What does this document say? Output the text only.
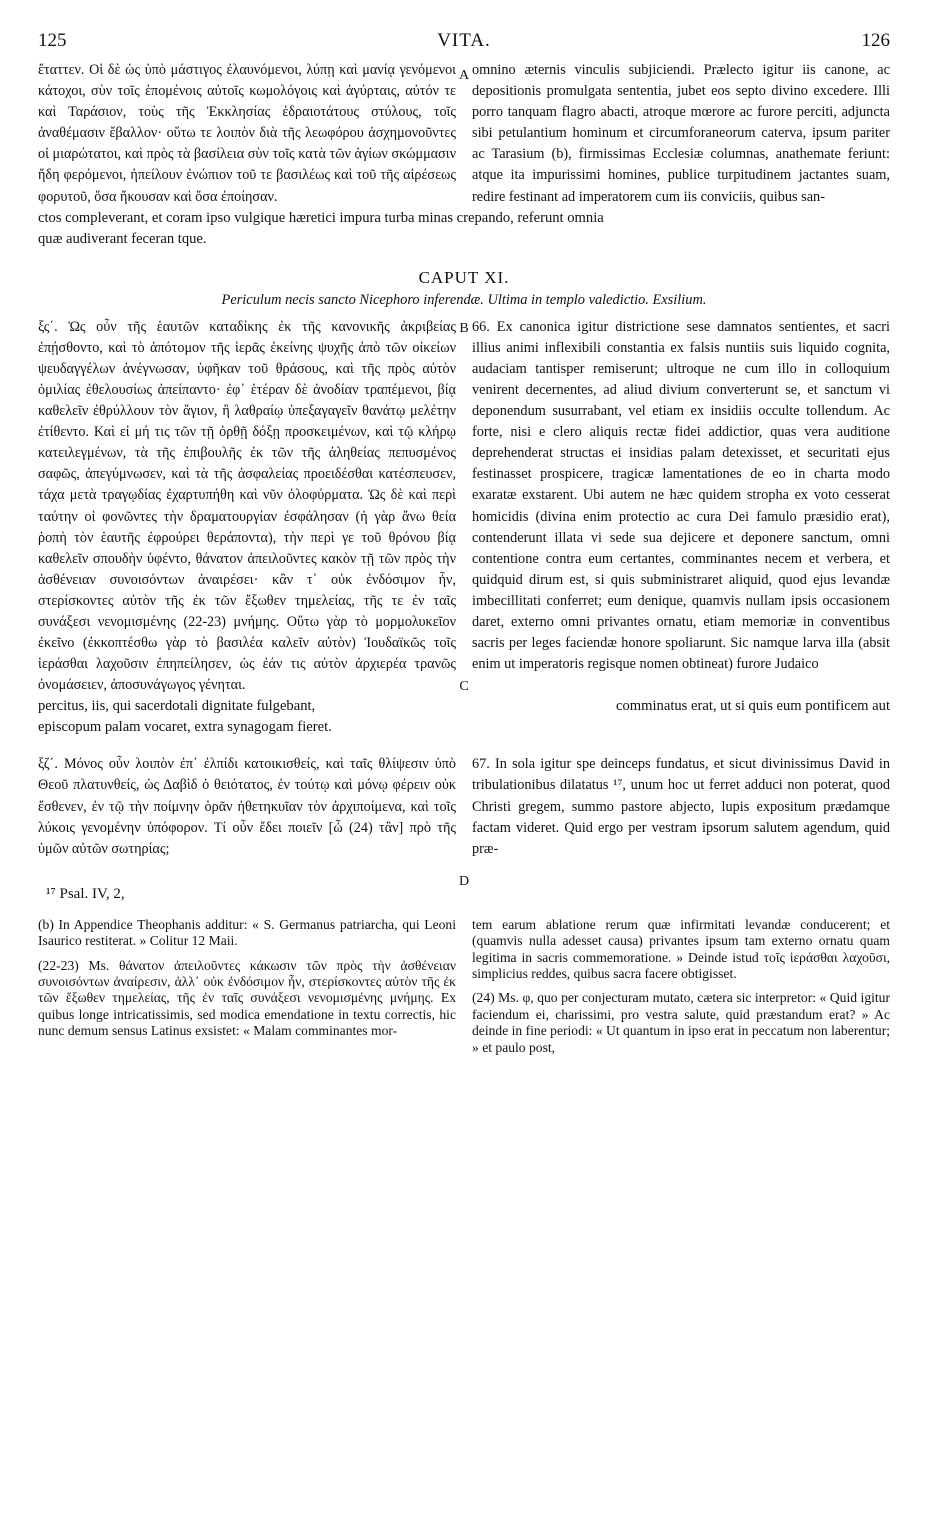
125	VITA.	126

ἔταττεν. Οἱ δὲ ὡς ὑπὸ μάστιγος ἐλαυνόμενοι, λύπῃ καὶ μανίᾳ γενόμενοι κάτοχοι, σὺν τοῖς ἑπομένοις αὐτοῖς κωμολόγοις καὶ ἀγύρταις, αὐτόν τε καὶ Ταράσιον, τοὺς τῆς Ἐκκλησίας ἑδραιοτάτους στύλους, τοῖς ἀναθέμασιν ἔβαλλον· οὕτω τε λοιπὸν διὰ τῆς λεωφόρου ἀσχημονοῦντες οἱ μιαρώτατοι, καὶ πρὸς τὰ βασίλεια σὺν τοῖς κατὰ τῶν ἁγίων σκώμμασιν ἤδη φερόμενοι, ἠπείλουν ἐνώπιον τοῦ τε βασιλέως καὶ τοῦ τῆς αἱρέσεως φορυτοῦ, ὅσα ἤκουσαν καὶ ὅσα ἐποίησαν.

A omnino æternis vinculis subjiciendi. Prælecto igitur iis canone, ac depositionis promulgata sententia, jubet eos septo divino excedere. Illi porro tanquam flagro abacti, atroque mœrore ac furore perciti, adjuncta sibi petulantium hominum et circumforaneorum caterva, ipsum pariter ac Tarasium (b), firmissimas Ecclesiæ columnas, anathemate feriunt: atque ita impurissimi homines, publice turpitudinem jactantes suam, redire festinant ad imperatorem cum iis conviciis, quibus san-

ctos compleverant, et coram ipso vulgique hæretici impura turba minas crepando, referunt omnia

quæ audiverant feceran tque.

CAPUT XI.
Periculum necis sancto Nicephoro inferendæ. Ultima in templo valedictio. Exsilium.

ξς΄. Ὡς οὖν τῆς ἑαυτῶν καταδίκης ἐκ τῆς κανονικῆς ἀκριβείας ἐπῄσθοντο, καὶ τὸ ἀπότομον τῆς ἱερᾶς ἐκείνης ψυχῆς ἀπὸ τῶν οἰκείων ψευδαγγέλων ἀνέγνωσαν, ὑφῆκαν τοῦ θράσους, καὶ τῆς πρὸς αὐτὸν ὁμιλίας ἐθελουσίως ἀπείπαντο· ἐφ᾽ ἑτέραν δὲ ἀνοδίαν τραπέμενοι, βίᾳ καθελεῖν ἐθρύλλουν τὸν ἅγιον, ἢ λαθραίῳ ὑπεξαγαγεῖν θανάτῳ μελέτην ἐτίθεντο. Καὶ εἰ μή τις τῶν τῇ ὀρθῇ δόξῃ προσκειμένων, καὶ τῷ κλήρῳ κατειλεγμένων, τὰ τῆς ἐπιβουλῆς ἐκ τῶν τῆς ἀληθείας πεπυσμένος σαφῶς, ἀπεγύμνωσεν, καὶ τὰ τῆς ἀσφαλείας προειδέσθαι κατέσπευσεν, τάχα μετὰ τραγῳδίας ἐχαρτυπήθη καὶ νῦν ὀλοφύρματα. Ὡς δὲ καὶ περὶ ταύτην οἱ φονῶντες τὴν δραματουργίαν ἐσφάλησαν (ἡ γὰρ ἄνω θεία ῥοπὴ τὸν ἑαυτῆς ἐφρούρει θεράποντα), τὴν περὶ γε τοῦ θρόνου βίᾳ καθελεῖν σπουδὴν ὑφέντο, θάνατον ἀπειλοῦντες κακὸν τῇ τῶν πρὸς τὴν ἀσθένειαν συνοισόντων ἀναιρέσει· κἂν τ᾽ οὐκ ἐνδόσιμον ἦν, στερίσκοντες αὐτὸν τῆς ἐκ τῶν ἔξωθεν τημελείας, τῆς τε ἐν ταῖς συνάξεσι νενομισμένης (22-23) μνήμης. Οὕτω γὰρ τὸ μορμολυκεῖον ἐκεῖνο (ἐκκοπτέσθω γὰρ τὸ βασιλέα καλεῖν αὐτὸν) Ἰουδαϊκῶς τοῖς ἱεράσθαι λαχοῦσιν ἐπηπείλησεν, ὡς ἐάν τις αὐτὸν ἀρχιερέα τρανῶς ὀνομάσειεν, ἀποσυνάγωγος γένηται.

B
C

66. Ex canonica igitur districtione sese damnatos sentientes, et sacri illius animi inflexibili constantia ex falsis nuntiis suis liquido cognita, audaciam tantisper remiserunt; ultroque ne cum illo in colloquium venirent decernentes, ad aliud divium converterunt se, et sanctum vi deponendum susurrabant, vel etiam ex insidiis occulte tollendum. Ac forte, nisi e clero aliquis rectæ fidei addictior, quas vera auditione deprehenderat structas ei insidias palam detexisset, et securitati ejus festinasset prospicere, tragicæ lamentationes de eo in charta modo exaratæ exstarent. Ubi autem ne hæc quidem stropha ex voto cesserat homicidis (divina enim protectio ac cura Dei famulo præsidio erat), contenderunt illata vi sede sua dejicere et deponere sanctum, omni contentione contra eum certantes, comminantes necem et verbera, et quidquid dirum est, si quis subministraret aliquid, quod ejus levandæ imbecillitati conferret; eum denique, quamvis nullam ipsis occasionem daret, externo omni privantes ornatu, etiam memoriæ in conventibus sacris per leges faciendæ honore spoliarunt. Sic namque larva illa (absit enim ut imperatoris regisque nomen obtineat) furore Judaico

percitus, iis, qui sacerdotali dignitate fulgebant,	comminatus erat, ut si quis eum pontificem aut

episcopum palam vocaret, extra synagogam fieret.

ξζ΄. Μόνος οὖν λοιπὸν ἐπ᾽ ἐλπίδι κατοικισθείς, καὶ ταῖς θλίψεσιν ὑπὸ Θεοῦ πλατυνθείς, ὡς Δαβὶδ ὁ θειότατος, ἐν τούτῳ καὶ μόνῳ φέρειν οὐκ ἔσθενεν, ἐν τῷ τὴν ποίμνην ὁρᾶν ἠθετηκυῖαν τὸν ἀρχιποίμενα, καὶ τοῖς λύκοις γενομένην ὑπόφορον. Τί οὖν ἔδει ποιεῖν [ὦ (24) τἂν] πρὸ τῆς ὑμῶν αὐτῶν σωτηρίας;

D

67. In sola igitur spe deinceps fundatus, et sicut divinissimus David in tribulationibus dilatatus ¹⁷, unum hoc ut ferret adduci non poterat, quod Christi gregem, summo pastore abjecto, lupis expositum prædamque factam videret. Quid ergo per vestram ipsorum salutem agendum, quid præ-

¹⁷ Psal. IV, 2,

(b) In Appendice Theophanis additur: « S. Germanus patriarcha, qui Leoni Isaurico restiterat. » Colitur 12 Maii.

(22-23) Ms. θάνατον ἀπειλοῦντες κάκωσιν τῶν πρὸς τὴν ἀσθένειαν συνοισόντων ἀναίρεσιν, ἀλλ᾽ οὐκ ἐνδόσιμον ἦν, στερίσκοντες αὐτὸν τῆς ἐκ τῶν ἔξωθεν τημελείας, τῆς ἐν ταῖς συνάξεσι νενομισμένης μνήμης. Ex quibus longe intricatissimis, sed modica emendatione in textu correctis, hic nunc demum sensus Latinus exsistet: « Malam comminantes mor-

tem earum ablatione rerum quæ infirmitati levandæ conducerent; et (quamvis nulla adesset causa) privantes ipsum tam externo ornatu quam legitima in sacris commemoratione. » Deinde istud τοῖς ἱεράσθαι λαχοῦσι, simplicius reddes, quibus sacra facere obtigisset.

(24) Ms. φ, quo per conjecturam mutato, cætera sic interpretor: « Quid igitur faciendum ei, charissimi, pro vestra salute, quid præstandum erat? » Ac deinde in fine periodi: « Ut quantum in ipso erat in peccatum non laberentur; » et paulo post,
